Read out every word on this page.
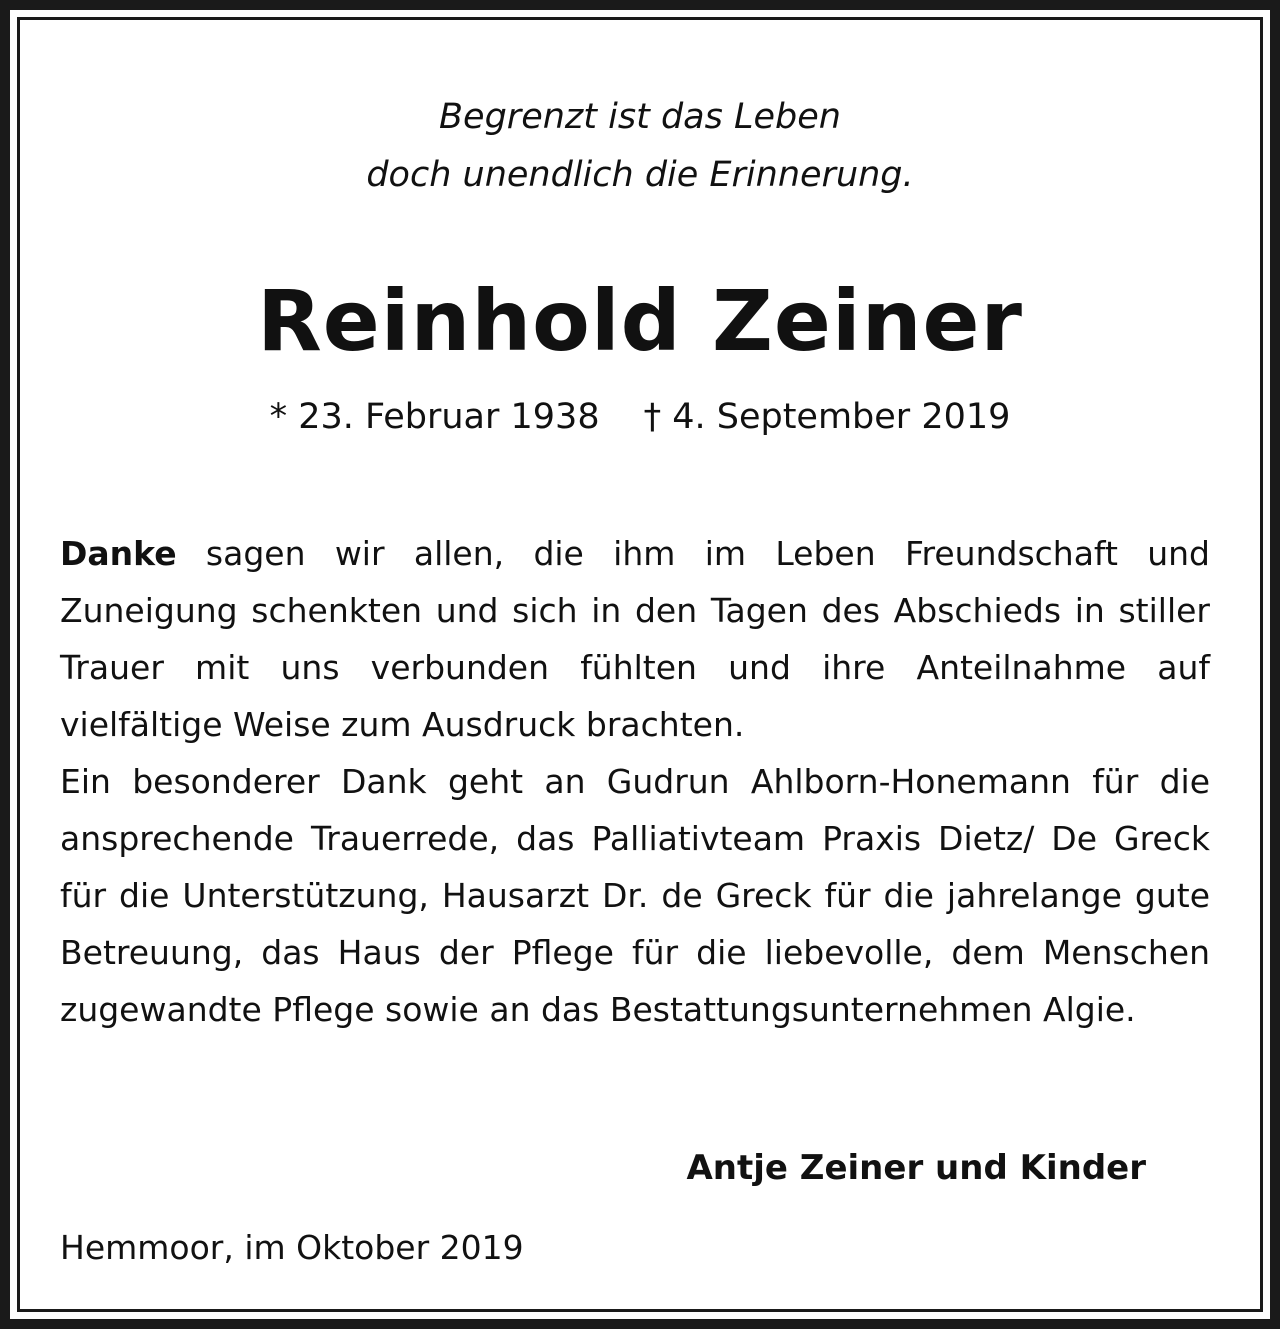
Begrenzt ist das Leben
doch unendlich die Erinnerung.
Reinhold Zeiner
* 23. Februar 1938 † 4. September 2019

Danke sagen wir allen, die ihm im Leben Freundschaft und Zuneigung schenkten und sich in den Tagen des Abschieds in stiller Trauer mit uns verbunden fühlten und ihre Anteilnahme auf vielfältige Weise zum Ausdruck brachten.

Ein besonderer Dank geht an Gudrun Ahlborn-Honemann für die ansprechende Trauerrede, das Palliativteam Praxis Dietz/ De Greck für die Unterstützung, Hausarzt Dr. de Greck für die jahrelange gute Betreuung, das Haus der Pflege für die liebevolle, dem Menschen zugewandte Pflege sowie an das Bestattungsunternehmen Algie.

Antje Zeiner und Kinder
Hemmoor, im Oktober 2019
